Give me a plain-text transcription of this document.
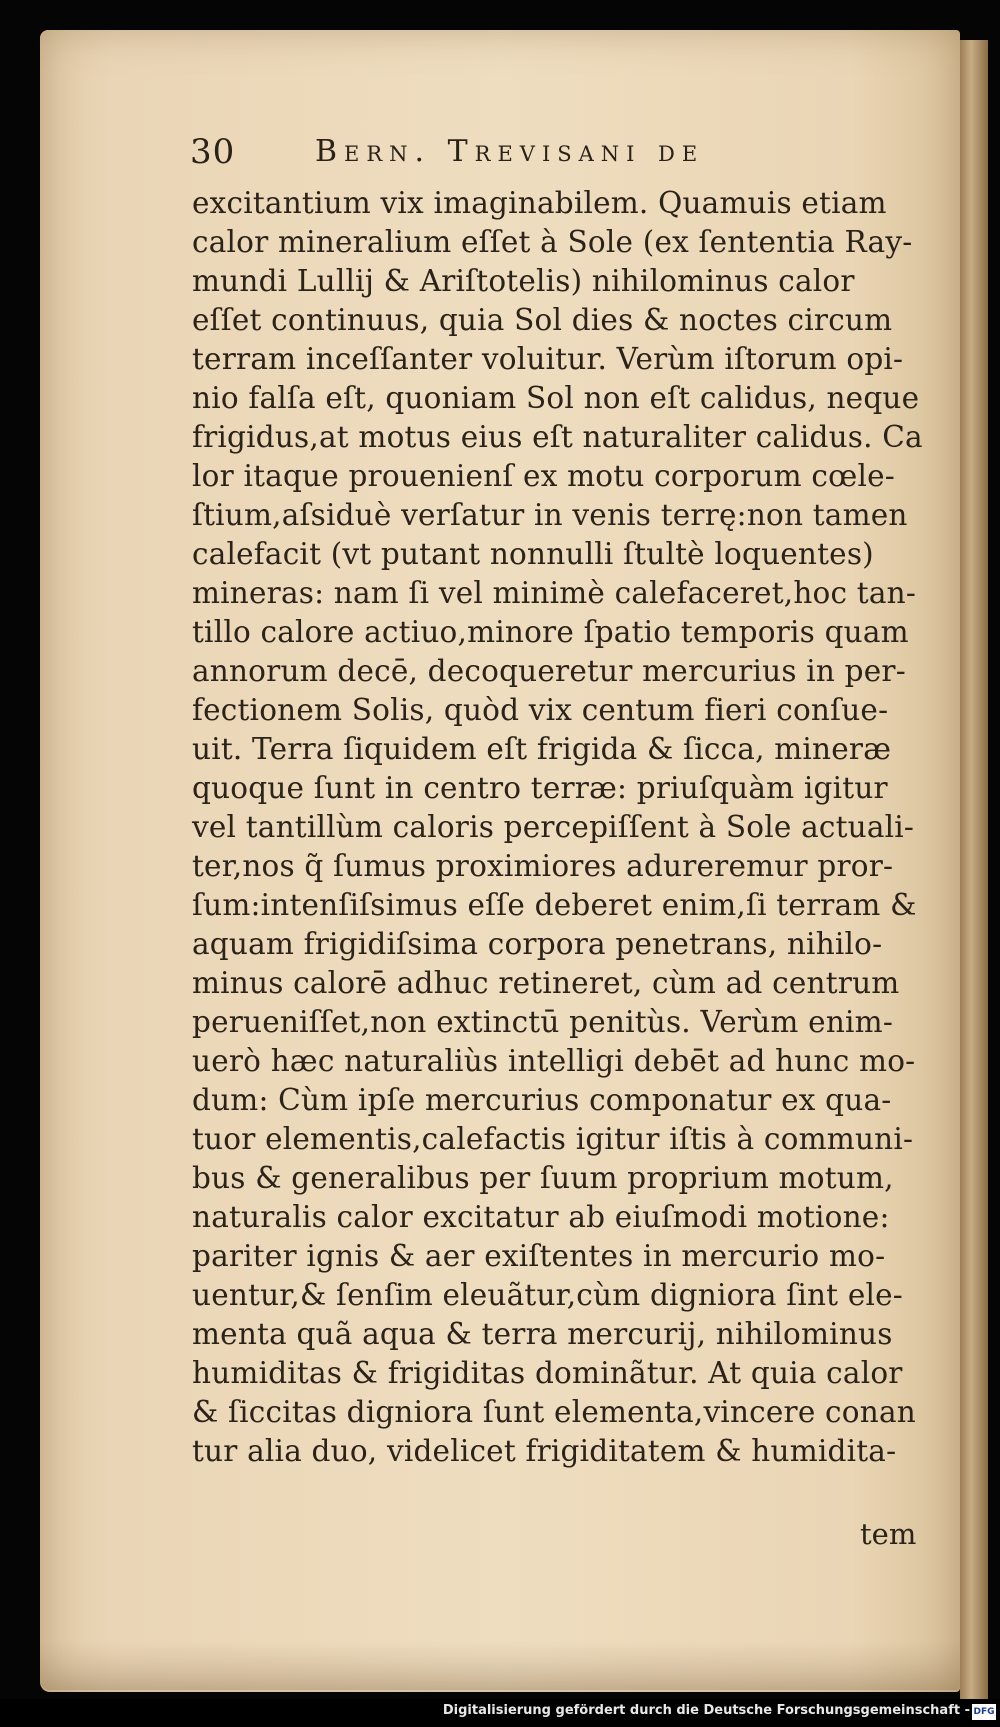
30	Bern. Trevisani de
excitantium vix imaginabilem. Quamuis etiam
calor mineralium eſſet à Sole (ex ſententia Ray-
mundi Lullij & Ariſtotelis) nihilominus calor
eſſet continuus, quia Sol dies & noctes circum
terram inceſſanter voluitur. Verùm iſtorum opi-
nio falſa eſt, quoniam Sol non eſt calidus, neque
frigidus,at motus eius eſt naturaliter calidus. Ca
lor itaque prouenienſ ex motu corporum cœle-
ſtium,aſsiduè verſatur in venis terrę:non tamen
calefacit (vt putant nonnulli ſtultè loquentes)
mineras: nam ſi vel minimè calefaceret,hoc tan-
tillo calore actiuo,minore ſpatio temporis quam
annorum decē, decoqueretur mercurius in per-
fectionem Solis, quòd vix centum fieri conſue-
uit. Terra ſiquidem eſt frigida & ſicca, mineræ
quoque ſunt in centro terræ: priuſquàm igitur
vel tantillùm caloris percepiſſent à Sole actuali-
ter,nos q̃ ſumus proximiores adureremur pror-
ſum:intenſiſsimus eſſe deberet enim,ſi terram &
aquam frigidiſsima corpora penetrans, nihilo-
minus calorē adhuc retineret, cùm ad centrum
perueniſſet,non extinctū penitùs. Verùm enim-
uerò hæc naturaliùs intelligi debēt ad hunc mo-
dum: Cùm ipſe mercurius componatur ex qua-
tuor elementis,calefactis igitur iſtis à communi-
bus & generalibus per ſuum proprium motum,
naturalis calor excitatur ab eiuſmodi motione:
pariter ignis & aer exiſtentes in mercurio mo-
uentur,& ſenſim eleuãtur,cùm digniora ſint ele-
menta quã aqua & terra mercurij, nihilominus
humiditas & frigiditas dominãtur. At quia calor
& ſiccitas digniora ſunt elementa,vincere conan
tur alia duo, videlicet frigiditatem & humidita-
tem
Digitalisierung gefördert durch die Deutsche Forschungsgemeinschaft - DFG
